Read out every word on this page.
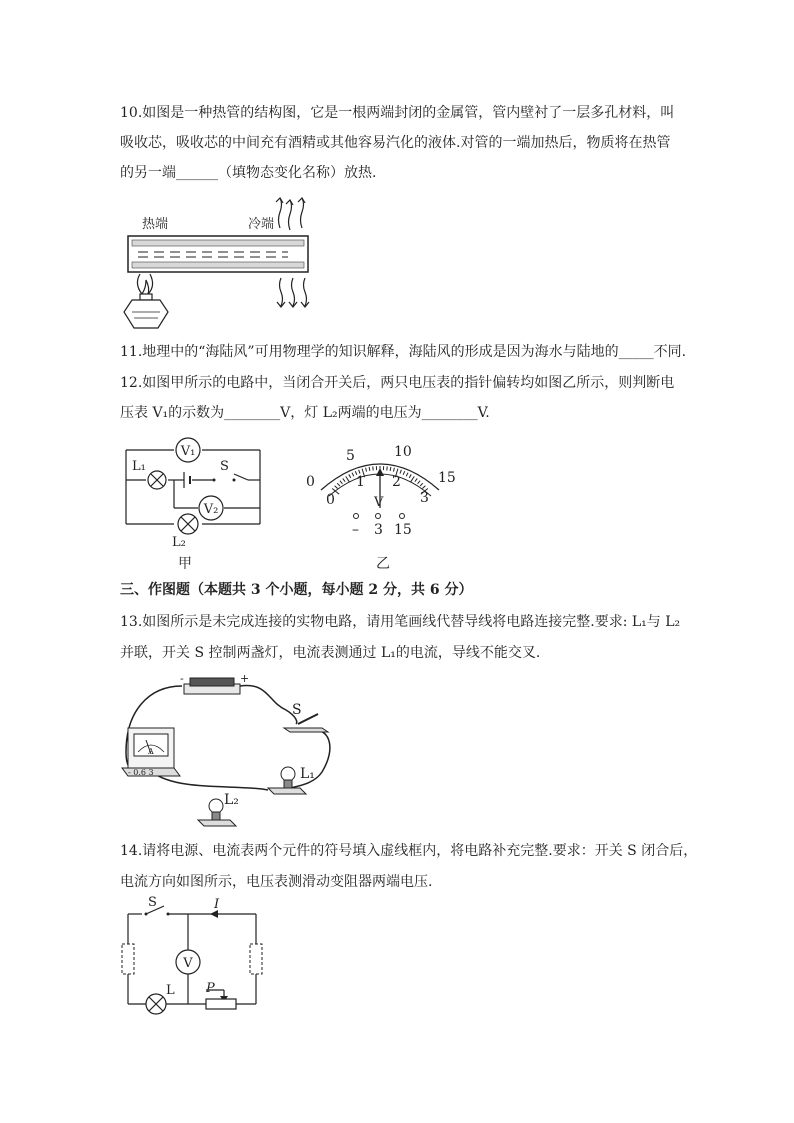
10.如图是一种热管的结构图，它是一根两端封闭的金属管，管内壁衬了一层多孔材料，叫
吸收芯，吸收芯的中间充有酒精或其他容易汽化的液体.对管的一端加热后，物质将在热管
的另一端______（填物态变化名称）放热.
热端	冷端
11.地理中的“海陆风”可用物理学的知识解释，海陆风的形成是因为海水与陆地的_____不同.
12.如图甲所示的电路中，当闭合开关后，两只电压表的指针偏转均如图乙所示，则判断电
压表 V₁的示数为________V，灯 L₂两端的电压为________V.
V₁
V₂
L₁	S
L₂
甲
0
5	10
15
0
1 2
3
V
– 3 15
乙
三、作图题（本题共 3 个小题，每小题 2 分，共 6 分）
13.如图所示是未完成连接的实物电路，请用笔画线代替导线将电路连接完整.要求: L₁与 L₂
并联，开关 S 控制两盏灯，电流表测通过 L₁的电流，导线不能交叉.
-	+
S
A
- 0.6 3	L₁
L₂
14.请将电源、电流表两个元件的符号填入虚线框内，将电路补充完整.要求：开关 S 闭合后，
电流方向如图所示，电压表测滑动变阻器两端电压.
V
S	I
L P
